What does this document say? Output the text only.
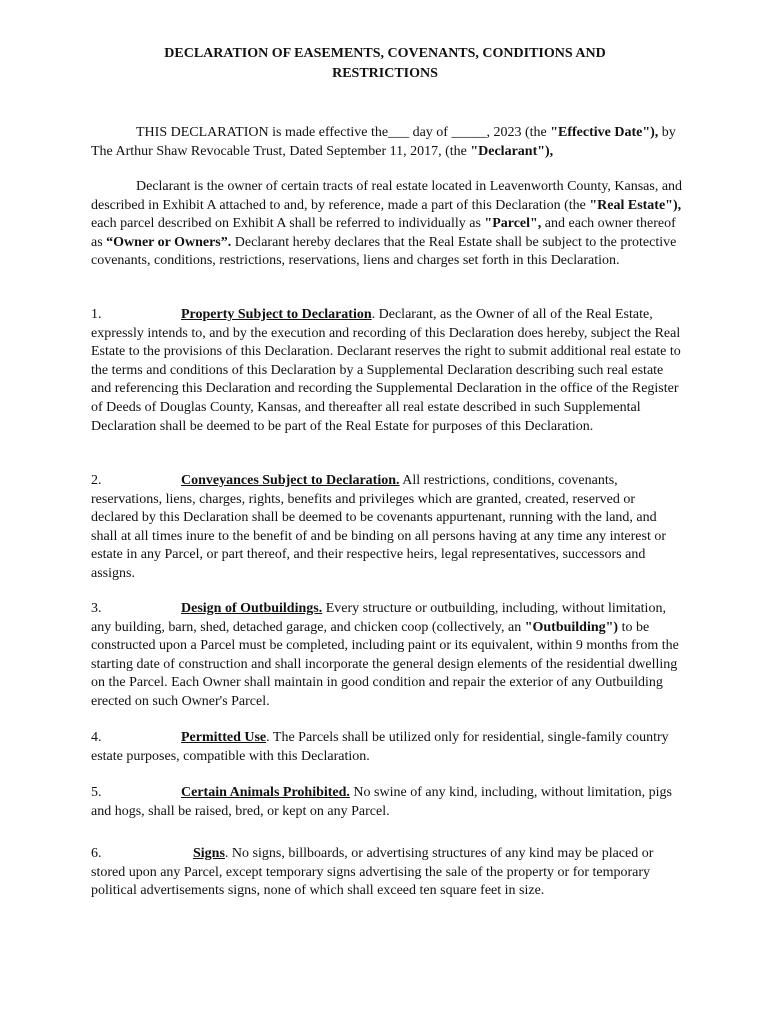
DECLARATION OF EASEMENTS, COVENANTS, CONDITIONS AND
RESTRICTIONS

THIS DECLARATION is made effective the___ day of _____, 2023 (the "Effective Date"), by The Arthur Shaw Revocable Trust, Dated September 11, 2017, (the "Declarant"),

Declarant is the owner of certain tracts of real estate located in Leavenworth County, Kansas, and described in Exhibit A attached to and, by reference, made a part of this Declaration (the "Real Estate"), each parcel described on Exhibit A shall be referred to individually as "Parcel", and each owner thereof as “Owner or Owners”. Declarant hereby declares that the Real Estate shall be subject to the protective covenants, conditions, restrictions, reservations, liens and charges set forth in this Declaration.

1.	Property Subject to Declaration. Declarant, as the Owner of all of the Real Estate, expressly intends to, and by the execution and recording of this Declaration does hereby, subject the Real Estate to the provisions of this Declaration. Declarant reserves the right to submit additional real estate to the terms and conditions of this Declaration by a Supplemental Declaration describing such real estate and referencing this Declaration and recording the Supplemental Declaration in the office of the Register of Deeds of Douglas County, Kansas, and thereafter all real estate described in such Supplemental Declaration shall be deemed to be part of the Real Estate for purposes of this Declaration.

2.	Conveyances Subject to Declaration. All restrictions, conditions, covenants, reservations, liens, charges, rights, benefits and privileges which are granted, created, reserved or declared by this Declaration shall be deemed to be covenants appurtenant, running with the land, and shall at all times inure to the benefit of and be binding on all persons having at any time any interest or estate in any Parcel, or part thereof, and their respective heirs, legal representatives, successors and assigns.

3.	Design of Outbuildings. Every structure or outbuilding, including, without limitation, any building, barn, shed, detached garage, and chicken coop (collectively, an "Outbuilding") to be constructed upon a Parcel must be completed, including paint or its equivalent, within 9 months from the starting date of construction and shall incorporate the general design elements of the residential dwelling on the Parcel. Each Owner shall maintain in good condition and repair the exterior of any Outbuilding erected on such Owner's Parcel.

4.	Permitted Use. The Parcels shall be utilized only for residential, single-family country estate purposes, compatible with this Declaration.

5.	Certain Animals Prohibited. No swine of any kind, including, without limitation, pigs and hogs, shall be raised, bred, or kept on any Parcel.

6.	Signs. No signs, billboards, or advertising structures of any kind may be placed or stored upon any Parcel, except temporary signs advertising the sale of the property or for temporary political advertisements signs, none of which shall exceed ten square feet in size.
